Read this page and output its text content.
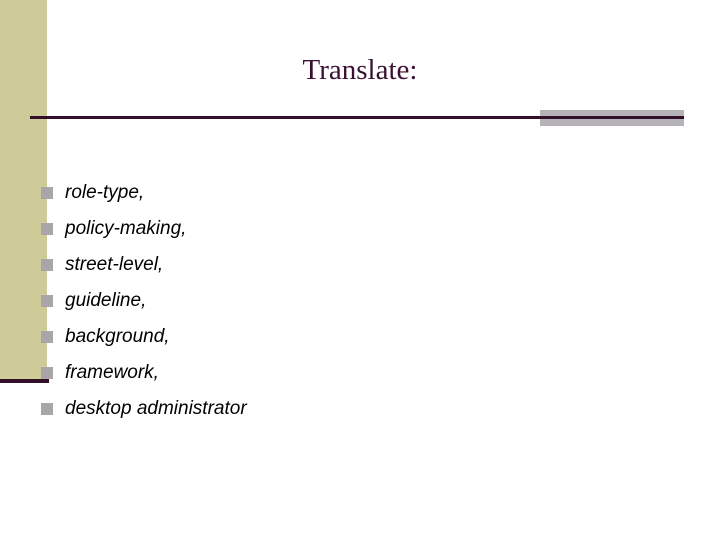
Translate:
role-type,
policy-making,
street-level,
guideline,
background,
framework,
desktop administrator
